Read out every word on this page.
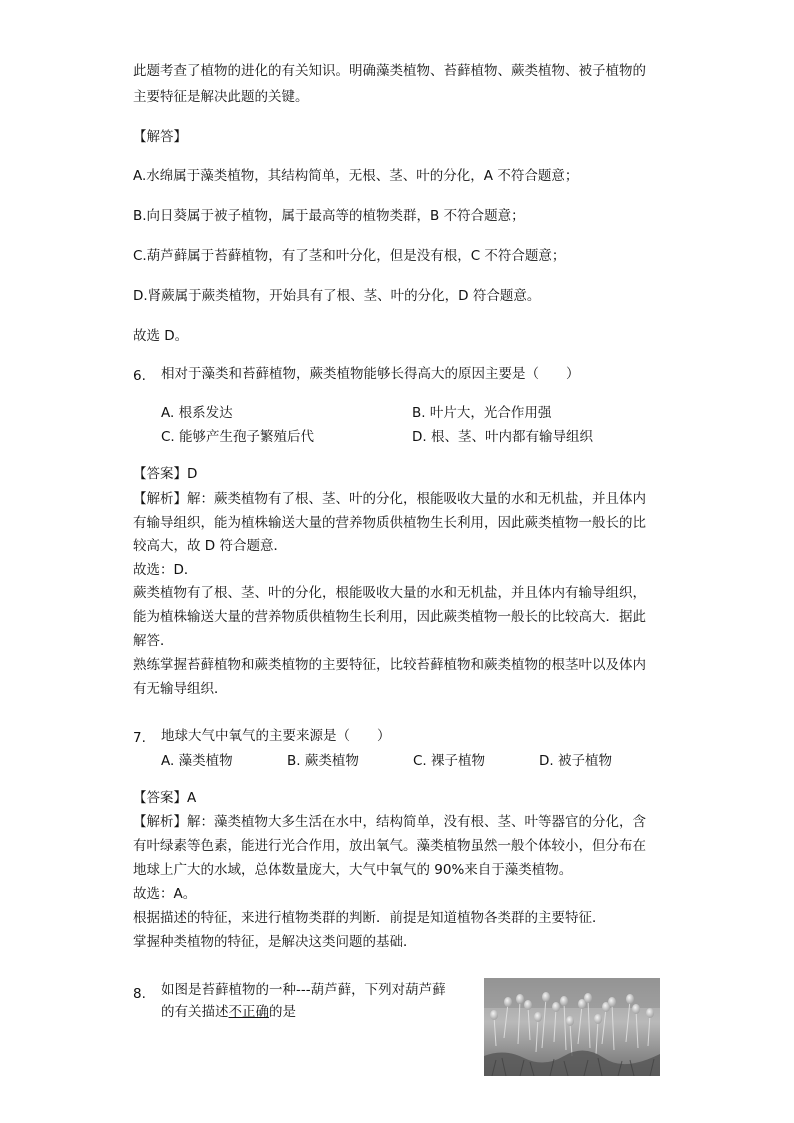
此题考查了植物的进化的有关知识。明确藻类植物、苔藓植物、蕨类植物、被子植物的
主要特征是解决此题的关键。
【解答】
A.水绵属于藻类植物，其结构简单，无根、茎、叶的分化，A 不符合题意；
B.向日葵属于被子植物，属于最高等的植物类群，B 不符合题意；
C.葫芦藓属于苔藓植物，有了茎和叶分化，但是没有根，C 不符合题意；
D.肾蕨属于蕨类植物，开始具有了根、茎、叶的分化，D 符合题意。
故选 D。
6. 相对于藻类和苔藓植物，蕨类植物能够长得高大的原因主要是（　　）
A. 根系发达	B. 叶片大，光合作用强
C. 能够产生孢子繁殖后代	D. 根、茎、叶内都有输导组织
【答案】D
【解析】解：蕨类植物有了根、茎、叶的分化，根能吸收大量的水和无机盐，并且体内
有输导组织，能为植株输送大量的营养物质供植物生长利用，因此蕨类植物一般长的比
较高大，故 D 符合题意．
故选：D．
蕨类植物有了根、茎、叶的分化，根能吸收大量的水和无机盐，并且体内有输导组织，
能为植株输送大量的营养物质供植物生长利用，因此蕨类植物一般长的比较高大．据此
解答．
熟练掌握苔藓植物和蕨类植物的主要特征，比较苔藓植物和蕨类植物的根茎叶以及体内
有无输导组织．
7. 地球大气中氧气的主要来源是（　　）
A. 藻类植物	B. 蕨类植物	C. 裸子植物	D. 被子植物
【答案】A
【解析】解：藻类植物大多生活在水中，结构简单，没有根、茎、叶等器官的分化，含
有叶绿素等色素，能进行光合作用，放出氧气。藻类植物虽然一般个体较小，但分布在
地球上广大的水域，总体数量庞大，大气中氧气的 90%来自于藻类植物。
故选：A。
根据描述的特征，来进行植物类群的判断．前提是知道植物各类群的主要特征．
掌握种类植物的特征，是解决这类问题的基础．
8. 如图是苔藓植物的一种---葫芦藓，下列对葫芦藓
的有关描述不正确的是
